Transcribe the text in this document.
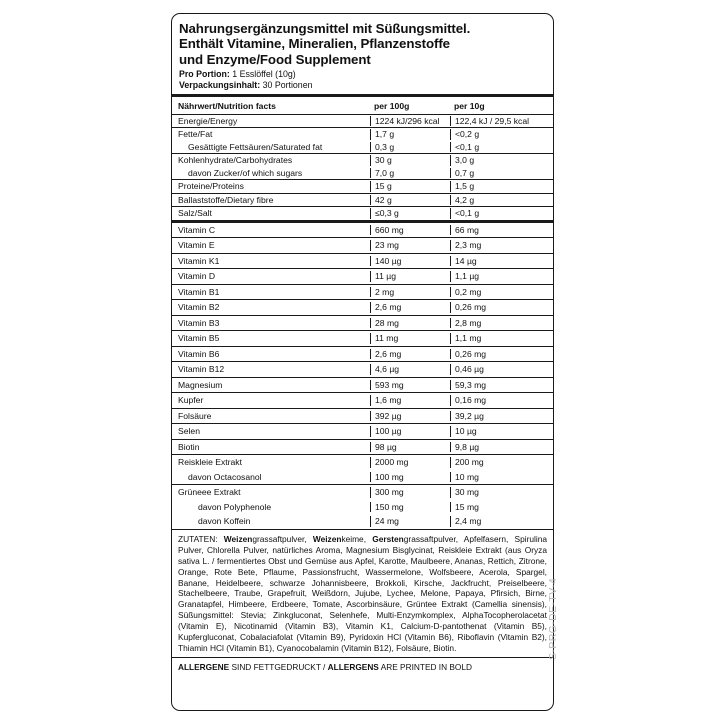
Nahrungsergänzungsmittel mit Süßungsmittel.
Enthält Vitamine, Mineralien, Pflanzenstoffe
und Enzyme/Food Supplement
Pro Portion: 1 Esslöffel (10g)
Verpackungsinhalt: 30 Portionen
Nährwert/Nutrition facts	per 100g	per 10g
Energie/Energy	1224 kJ/296 kcal	122,4 kJ / 29,5 kcal
Fette/Fat	1,7 g	<0,2 g
Gesättigte Fettsäuren/Saturated fat	0,3 g	<0,1 g
Kohlenhydrate/Carbohydrates	30 g	3,0 g
davon Zucker/of which sugars	7,0 g	0,7 g
Proteine/Proteins	15 g	1,5 g
Ballaststoffe/Dietary fibre	42 g	4,2 g
Salz/Salt	≤0,3 g	<0,1 g
Vitamin C	660 mg	66 mg
Vitamin E	23 mg	2,3 mg
Vitamin K1	140 µg	14 µg
Vitamin D	11 µg	1,1 µg
Vitamin B1	2 mg	0,2 mg
Vitamin B2	2,6 mg	0,26 mg
Vitamin B3	28 mg	2,8 mg
Vitamin B5	11 mg	1,1 mg
Vitamin B6	2,6 mg	0,26 mg
Vitamin B12	4,6 µg	0,46 µg
Magnesium	593 mg	59,3 mg
Kupfer	1,6 mg	0,16 mg
Folsäure	392 µg	39,2 µg
Selen	100 µg	10 µg
Biotin	98 µg	9,8 µg
Reiskleie Extrakt	2000 mg	200 mg
davon Octacosanol	100 mg	10 mg
Grüneee Extrakt	300 mg	30 mg
davon Polyphenole	150 mg	15 mg
davon Koffein	24 mg	2,4 mg
ZUTATEN: Weizengrassaftpulver, Weizenkeime, Gerstengrassaftpulver, Apfelfasern, Spirulina Pulver, Chlorella Pulver, natürliches Aroma, Magnesium Bisglycinat, Reiskleie Extrakt (aus Oryza sativa L. / fermentiertes Obst und Gemüse aus Apfel, Karotte, Maulbeere, Ananas, Rettich, Zitrone, Orange, Rote Bete, Pflaume, Passionsfrucht, Wassermelone, Wolfsbeere, Acerola, Spargel, Banane, Heidelbeere, schwarze Johannisbeere, Brokkoli, Kirsche, Jackfrucht, Preiselbeere, Stachelbeere, Traube, Grapefruit, Weißdorn, Jujube, Lychee, Melone, Papaya, Pfirsich, Birne, Granatapfel, Himbeere, Erdbeere, Tomate, Ascorbinsäure, Grüntee Extrakt (Camellia sinensis), Süßungsmittel: Stevia; Zinkgluconat, Selenhefe, Multi-Enzymkomplex, AlphaTocopherolacetat (Vitamin E), Nicotinamid (Vitamin B3), Vitamin K1, Calcium-D-pantothenat (Vitamin B5), Kupfergluconat, Cobalaciafolat (Vitamin B9), Pyridoxin HCl (Vitamin B6), Riboflavin (Vitamin B2), Thiamin HCl (Vitamin B1), Cyanocobalamin (Vitamin B12), Folsäure, Biotin.
ALLERGENE SIND FETTGEDRUCKT / ALLERGENS ARE PRINTED IN BOLD
S-PRG-DE-TV-4
